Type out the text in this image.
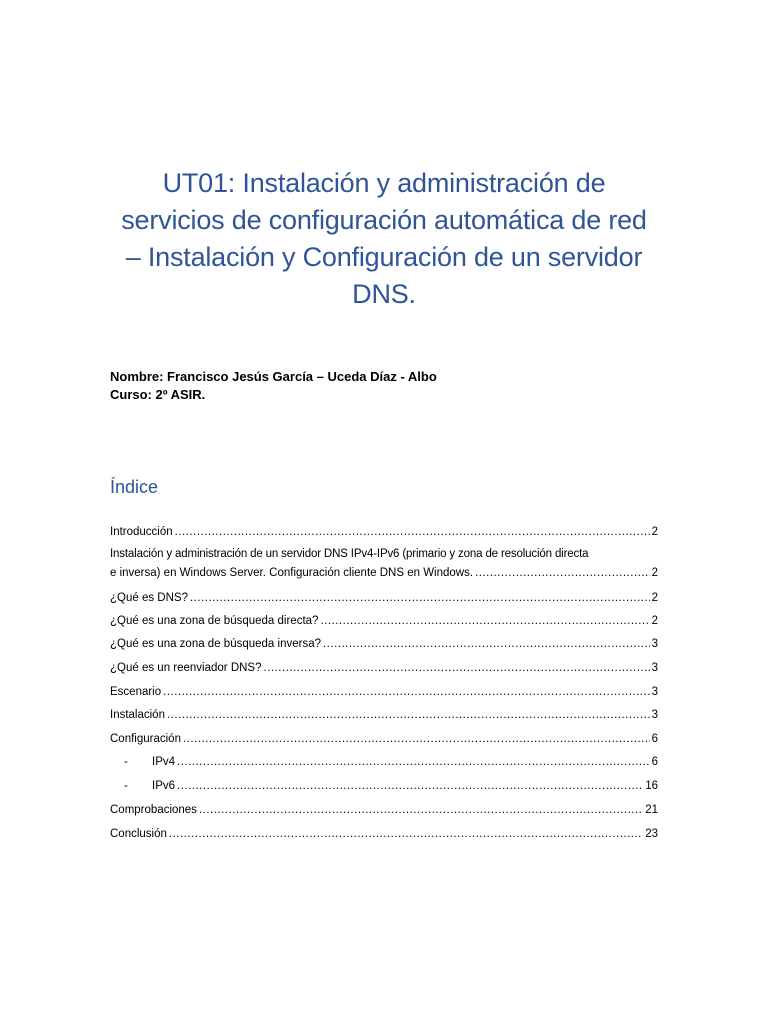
UT01: Instalación y administración de
servicios de configuración automática de red
– Instalación y Configuración de un servidor
DNS.
Nombre: Francisco Jesús García – Uceda Díaz - Albo
Curso: 2º ASIR.
Índice
Introducción .....	2
Instalación y administración de un servidor DNS IPv4-IPv6 (primario y zona de resolución directa
e inversa) en Windows Server. Configuración cliente DNS en Windows. .....	2
¿Qué es DNS? .....	2
¿Qué es una zona de búsqueda directa? .....	2
¿Qué es una zona de búsqueda inversa? .....	3
¿Qué es un reenviador DNS? .....	3
Escenario .....	3
Instalación .....	3
Configuración .....	6
-	IPv4 .....	6
-	IPv6 .....	16
Comprobaciones .....	21
Conclusión .....	23
